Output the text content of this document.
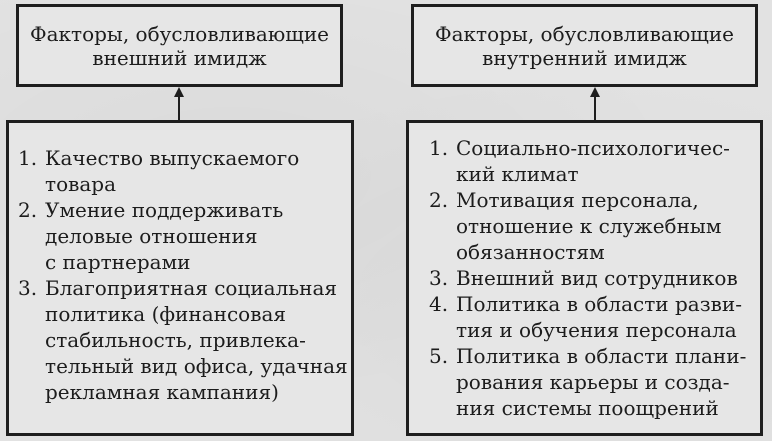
Факторы, обусловливающие
внешний имидж
Факторы, обусловливающие
внутренний имидж
1. Качество выпускаемого
товара
2. Умение поддерживать
деловые отношения
с партнерами
3. Благоприятная социальная
политика (финансовая
стабильность, привлека-
тельный вид офиса, удачная
рекламная кампания)
1. Социально-психологичес-
кий климат
2. Мотивация персонала,
отношение к служебным
обязанностям
3. Внешний вид сотрудников
4. Политика в области разви-
тия и обучения персонала
5. Политика в области плани-
рования карьеры и созда-
ния системы поощрений
